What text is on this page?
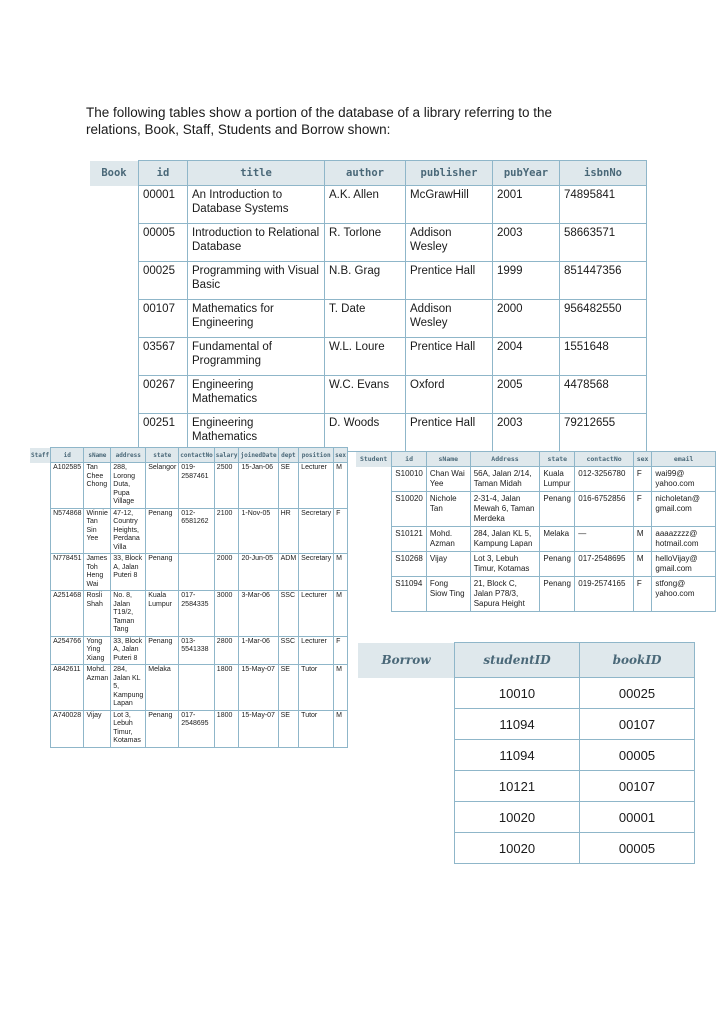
The following tables show a portion of the database of a library referring to the
relations, Book, Staff, Students and Borrow shown:
Book	id	title	author	publisher	pubYear	isbnNo
	00001	An Introduction to Database Systems	A.K. Allen	McGrawHill	2001	74895841
	00005	Introduction to Relational Database	R. Torlone	Addison Wesley	2003	58663571
	00025	Programming with Visual Basic	N.B. Grag	Prentice Hall	1999	851447356
	00107	Mathematics for Engineering	T. Date	Addison Wesley	2000	956482550
	03567	Fundamental of Programming	W.L. Loure	Prentice Hall	2004	1551648
	00267	Engineering Mathematics	W.C. Evans	Oxford	2005	4478568
	00251	Engineering Mathematics	D. Woods	Prentice Hall	2003	79212655
Staff	id	sName	address	state	contactNo	salary	joinedDate	dept	position	sex
	A102585	Tan Chee Chong	288, Lorong Duta, Pupa Village	Selangor	019-2587461	2500	15-Jan-06	SE	Lecturer	M
	N574868	Winnie Tan Sin Yee	47-12, Country Heights, Perdana Villa	Penang	012-6581262	2100	1-Nov-05	HR	Secretary	F
	N778451	James Toh Heng Wai	33, Block A, Jalan Puteri 8	Penang		2000	20-Jun-05	ADM	Secretary	M
	A251468	Rosli Shah	No. 8, Jalan T19/2, Taman Tang	Kuala Lumpur	017-2584335	3000	3-Mar-06	SSC	Lecturer	M
	A254766	Yong Ying Xiang	33, Block A, Jalan Puteri 8	Penang	013-5541338	2800	1-Mar-06	SSC	Lecturer	F
	A842611	Mohd. Azman	284, Jalan KL 5, Kampung Lapan	Melaka		1800	15-May-07	SE	Tutor	M
	A740028	Vijay	Lot 3, Lebuh Timur, Kotamas	Penang	017-2548695	1800	15-May-07	SE	Tutor	M
Student	id	sName	Address	state	contactNo	sex	email
	S10010	Chan Wai Yee	56A, Jalan 2/14, Taman Midah	Kuala Lumpur	012-3256780	F	wai99@ yahoo.com
	S10020	Nichole Tan	2-31-4, Jalan Mewah 6, Taman Merdeka	Penang	016-6752856	F	nicholetan@ gmail.com
	S10121	Mohd. Azman	284, Jalan KL 5, Kampung Lapan	Melaka	—	M	aaaazzzz@ hotmail.com
	S10268	Vijay	Lot 3, Lebuh Timur, Kotamas	Penang	017-2548695	M	helloVijay@ gmail.com
	S11094	Fong Siow Ting	21, Block C, Jalan P78/3, Sapura Height	Penang	019-2574165	F	stfong@ yahoo.com
Borrow	studentID	bookID
	10010	00025
	11094	00107
	11094	00005
	10121	00107
	10020	00001
	10020	00005
